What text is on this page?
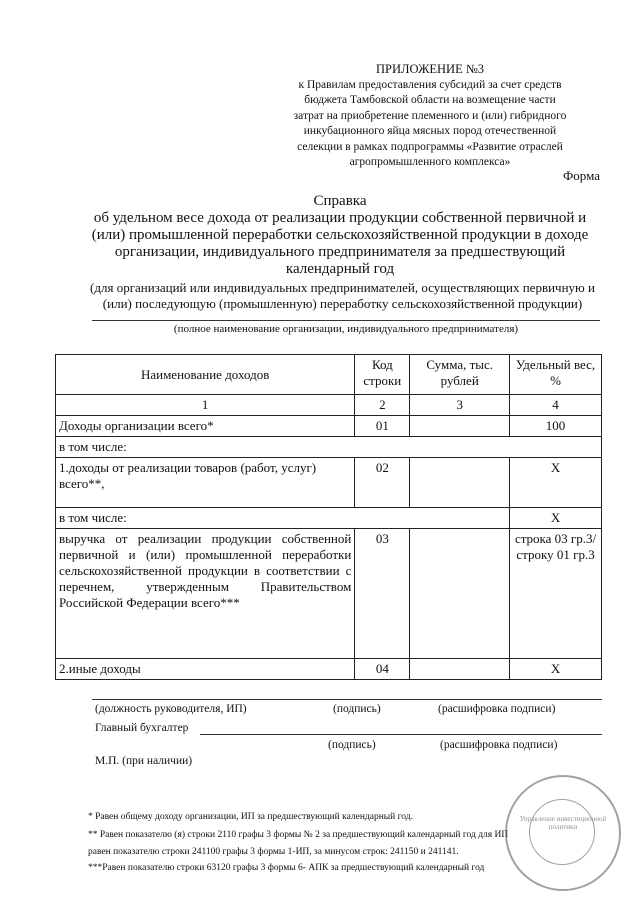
ПРИЛОЖЕНИЕ №3
к Правилам предоставления субсидий за счет средств
бюджета Тамбовской области на возмещение части
затрат на приобретение племенного и (или) гибридного
инкубационного яйца мясных пород отечественной
селекции в рамках подпрограммы «Развитие отраслей
агропромышленного комплекса»
Форма
Справка
об удельном весе дохода от реализации продукции собственной первичной и
(или) промышленной переработки сельскохозяйственной продукции в доходе
организации, индивидуального предпринимателя за предшествующий
календарный год
(для организаций или индивидуальных предпринимателей, осуществляющих первичную и
(или) последующую (промышленную) переработку сельскохозяйственной продукции)
(полное наименование организации, индивидуального предпринимателя)
Наименование доходов	Код строки	Сумма, тыс. рублей	Удельный вес, %
1	2	3	4
Доходы организации всего*	01		100
в том числе:			
1.доходы от реализации товаров (работ, услуг) всего**,	02		X
в том числе:			X
выручка от реализации продукции собственной первичной и (или) промышленной переработки сельскохозяйственной продукции в соответствии с перечнем, утвержденным Правительством Российской Федерации всего***	03		строка 03 гр.3/ строку 01 гр.3
2.иные доходы	04		X
(должность руководителя, ИП)	(подпись)	(расшифровка подписи)
Главный бухгалтер
(подпись)	(расшифровка подписи)
М.П. (при наличии)
* Равен общему доходу организации, ИП за предшествующий календарный год.
** Равен показателю (я) строки 2110 графы 3 формы № 2 за предшествующий календарный год для ИП
равен показателю строки 241100 графы 3 формы 1-ИП, за минусом строк: 241150 и 241141.
***Равен показателю строки 63120 графы 3 формы 6- АПК за предшествующий календарный год
Управление инвестиционной политики
